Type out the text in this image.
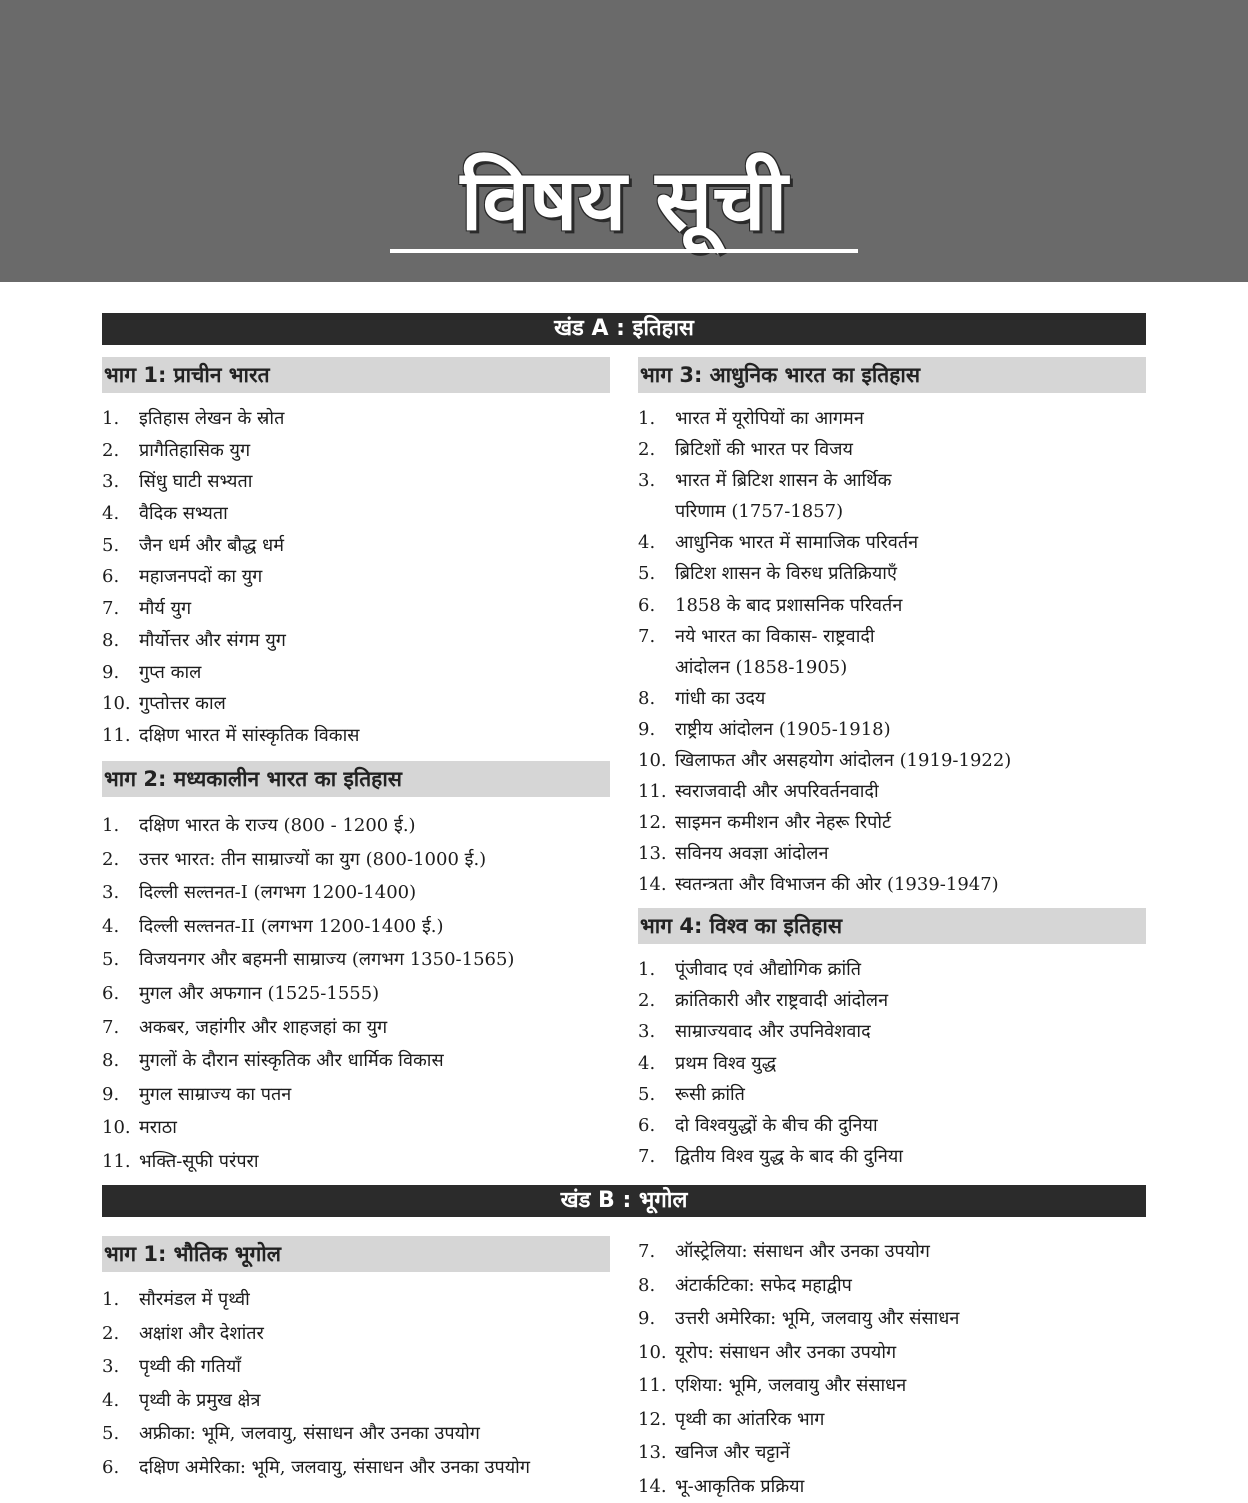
विषय सूची
खंड A : इतिहास
भाग 1: प्राचीन भारत
1. इतिहास लेखन के स्रोत
2. प्रागैतिहासिक युग
3. सिंधु घाटी सभ्यता
4. वैदिक सभ्यता
5. जैन धर्म और बौद्ध धर्म
6. महाजनपदों का युग
7. मौर्य युग
8. मौर्योत्तर और संगम युग
9. गुप्त काल
10. गुप्तोत्तर काल
11. दक्षिण भारत में सांस्कृतिक विकास
भाग 2: मध्यकालीन भारत का इतिहास
1. दक्षिण भारत के राज्य (800 - 1200 ई.)
2. उत्तर भारत: तीन साम्राज्यों का युग (800-1000 ई.)
3. दिल्ली सल्तनत-I (लगभग 1200-1400)
4. दिल्ली सल्तनत-II (लगभग 1200-1400 ई.)
5. विजयनगर और बहमनी साम्राज्य (लगभग 1350-1565)
6. मुगल और अफगान (1525-1555)
7. अकबर, जहांगीर और शाहजहां का युग
8. मुगलों के दौरान सांस्कृतिक और धार्मिक विकास
9. मुगल साम्राज्य का पतन
10. मराठा
11. भक्ति-सूफी परंपरा
भाग 3: आधुनिक भारत का इतिहास
1. भारत में यूरोपियों का आगमन
2. ब्रिटिशों की भारत पर विजय
3. भारत में ब्रिटिश शासन के आर्थिक
परिणाम (1757-1857)
4. आधुनिक भारत में सामाजिक परिवर्तन
5. ब्रिटिश शासन के विरुध प्रतिक्रियाएँ
6. 1858 के बाद प्रशासनिक परिवर्तन
7. नये भारत का विकास- राष्ट्रवादी
आंदोलन (1858-1905)
8. गांधी का उदय
9. राष्ट्रीय आंदोलन (1905-1918)
10. खिलाफत और असहयोग आंदोलन (1919-1922)
11. स्वराजवादी और अपरिवर्तनवादी
12. साइमन कमीशन और नेहरू रिपोर्ट
13. सविनय अवज्ञा आंदोलन
14. स्वतन्त्रता और विभाजन की ओर (1939-1947)
भाग 4: विश्व का इतिहास
1. पूंजीवाद एवं औद्योगिक क्रांति
2. क्रांतिकारी और राष्ट्रवादी आंदोलन
3. साम्राज्यवाद और उपनिवेशवाद
4. प्रथम विश्व युद्ध
5. रूसी क्रांति
6. दो विश्वयुद्धों के बीच की दुनिया
7. द्वितीय विश्व युद्ध के बाद की दुनिया
खंड B : भूगोल
भाग 1: भौतिक भूगोल
1. सौरमंडल में पृथ्वी
2. अक्षांश और देशांतर
3. पृथ्वी की गतियाँ
4. पृथ्वी के प्रमुख क्षेत्र
5. अफ्रीका: भूमि, जलवायु, संसाधन और उनका उपयोग
6. दक्षिण अमेरिका: भूमि, जलवायु, संसाधन और उनका उपयोग
7. ऑस्ट्रेलिया: संसाधन और उनका उपयोग
8. अंटार्कटिका: सफेद महाद्वीप
9. उत्तरी अमेरिका: भूमि, जलवायु और संसाधन
10. यूरोप: संसाधन और उनका उपयोग
11. एशिया: भूमि, जलवायु और संसाधन
12. पृथ्वी का आंतरिक भाग
13. खनिज और चट्टानें
14. भू-आकृतिक प्रक्रिया
